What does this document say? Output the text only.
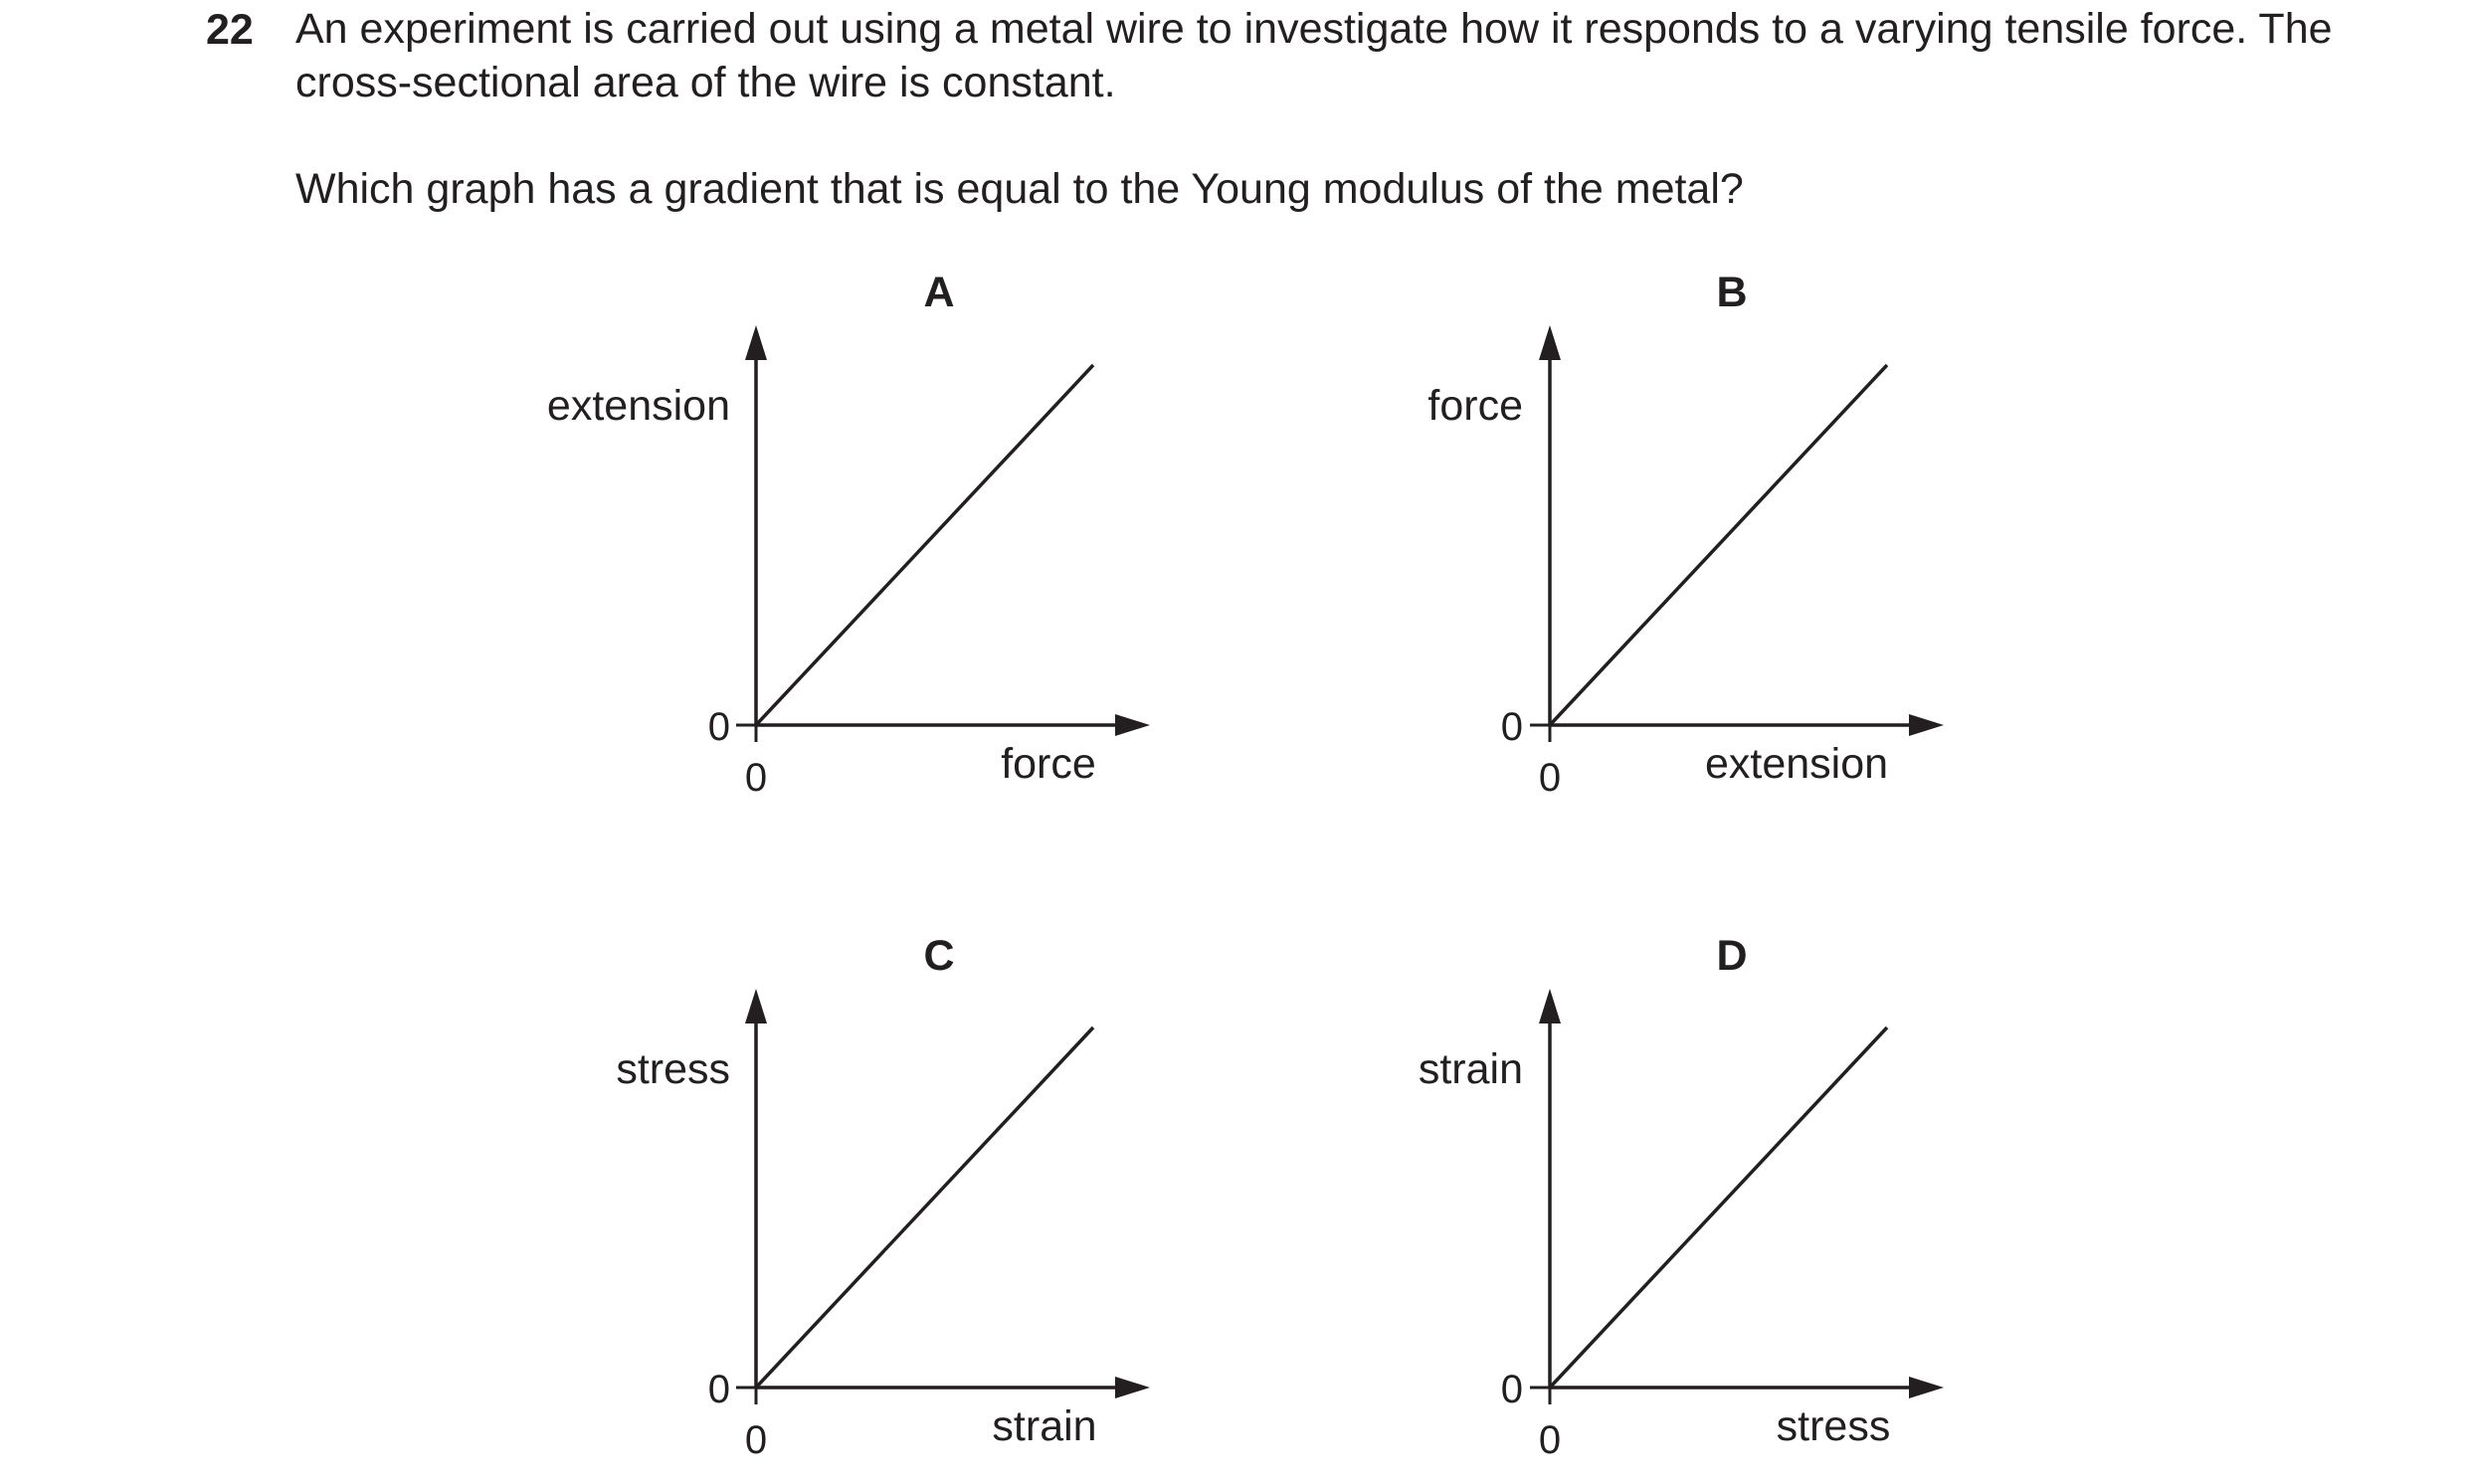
22 An experiment is carried out using a metal wire to investigate how it responds to a varying tensile force. The cross-sectional area of the wire is constant.

Which graph has a gradient that is equal to the Young modulus of the metal?

A
extension
force
0
0
B
force
extension
0
0
C
stress
strain
0
0
D
strain
stress
0
0
